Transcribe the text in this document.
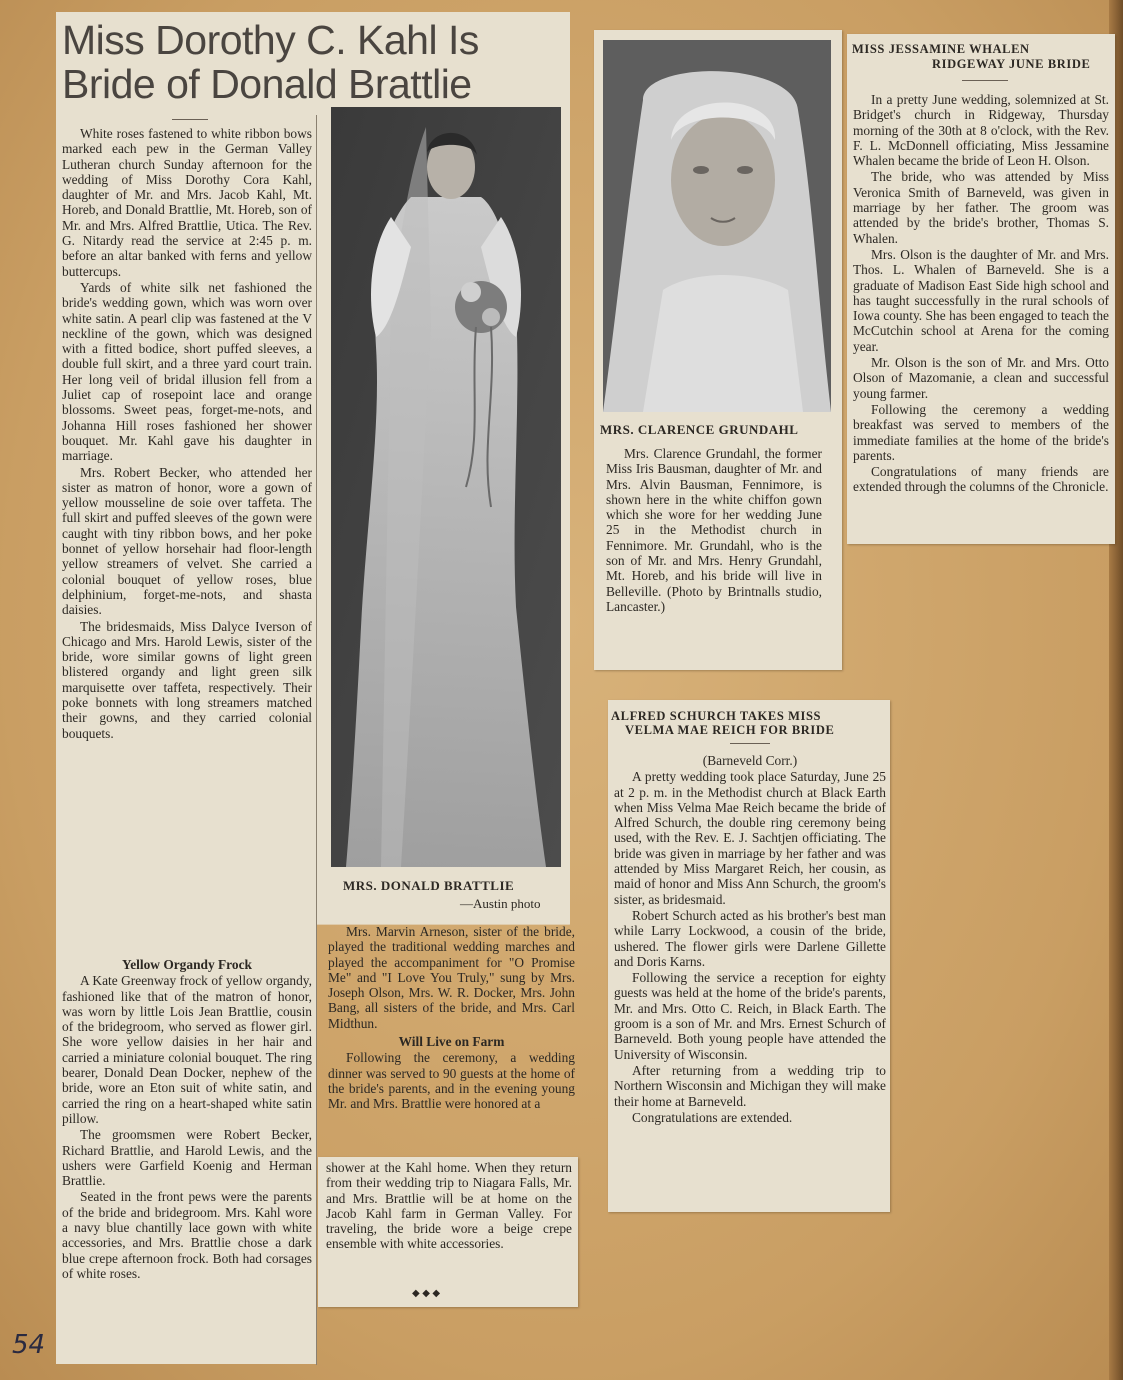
Miss Dorothy C. Kahl Is Bride of Donald Brattlie

White roses fastened to white ribbon bows marked each pew in the German Valley Lutheran church Sunday afternoon for the wedding of Miss Dorothy Cora Kahl, daughter of Mr. and Mrs. Jacob Kahl, Mt. Horeb, and Donald Brattlie, Mt. Horeb, son of Mr. and Mrs. Alfred Brattlie, Utica. The Rev. G. Nitardy read the service at 2:45 p. m. before an altar banked with ferns and yellow buttercups.

Yards of white silk net fashioned the bride's wedding gown, which was worn over white satin. A pearl clip was fastened at the V neckline of the gown, which was designed with a fitted bodice, short puffed sleeves, a double full skirt, and a three yard court train. Her long veil of bridal illusion fell from a Juliet cap of rosepoint lace and orange blossoms. Sweet peas, forget-me-nots, and Johanna Hill roses fashioned her shower bouquet. Mr. Kahl gave his daughter in marriage.

Mrs. Robert Becker, who attended her sister as matron of honor, wore a gown of yellow mousseline de soie over taffeta. The full skirt and puffed sleeves of the gown were caught with tiny ribbon bows, and her poke bonnet of yellow horsehair had floor-length yellow streamers of velvet. She carried a colonial bouquet of yellow roses, blue delphinium, forget-me-nots, and shasta daisies.

The bridesmaids, Miss Dalyce Iverson of Chicago and Mrs. Harold Lewis, sister of the bride, wore similar gowns of light green blistered organdy and light green silk marquisette over taffeta, respectively. Their poke bonnets with long streamers matched their gowns, and they carried colonial bouquets.

Yellow Organdy Frock

A Kate Greenway frock of yellow organdy, fashioned like that of the matron of honor, was worn by little Lois Jean Brattlie, cousin of the bridegroom, who served as flower girl. She wore yellow daisies in her hair and carried a miniature colonial bouquet. The ring bearer, Donald Dean Docker, nephew of the bride, wore an Eton suit of white satin, and carried the ring on a heart-shaped white satin pillow.

The groomsmen were Robert Becker, Richard Brattlie, and Harold Lewis, and the ushers were Garfield Koenig and Herman Brattlie.

Seated in the front pews were the parents of the bride and bridegroom. Mrs. Kahl wore a navy blue chantilly lace gown with white accessories, and Mrs. Brattlie chose a dark blue crepe afternoon frock. Both had corsages of white roses.

MRS. DONALD BRATTLIE
—Austin photo

Mrs. Marvin Arneson, sister of the bride, played the traditional wedding marches and played the accompaniment for "O Promise Me" and "I Love You Truly," sung by Mrs. Joseph Olson, Mrs. W. R. Docker, Mrs. John Bang, all sisters of the bride, and Mrs. Carl Midthun.

Will Live on Farm

Following the ceremony, a wedding dinner was served to 90 guests at the home of the bride's parents, and in the evening young Mr. and Mrs. Brattlie were honored at a

shower at the Kahl home. When they return from their wedding trip to Niagara Falls, Mr. and Mrs. Brattlie will be at home on the Jacob Kahl farm in German Valley. For traveling, the bride wore a beige crepe ensemble with white accessories.

◆ ◆ ◆
MRS. CLARENCE GRUNDAHL

Mrs. Clarence Grundahl, the former Miss Iris Bausman, daughter of Mr. and Mrs. Alvin Bausman, Fennimore, is shown here in the white chiffon gown which she wore for her wedding June 25 in the Methodist church in Fennimore. Mr. Grundahl, who is the son of Mr. and Mrs. Henry Grundahl, Mt. Horeb, and his bride will live in Belleville. (Photo by Brintnalls studio, Lancaster.)

MISS JESSAMINE WHALEN
RIDGEWAY JUNE BRIDE

In a pretty June wedding, solemnized at St. Bridget's church in Ridgeway, Thursday morning of the 30th at 8 o'clock, with the Rev. F. L. McDonnell officiating, Miss Jessamine Whalen became the bride of Leon H. Olson.

The bride, who was attended by Miss Veronica Smith of Barneveld, was given in marriage by her father. The groom was attended by the bride's brother, Thomas S. Whalen.

Mrs. Olson is the daughter of Mr. and Mrs. Thos. L. Whalen of Barneveld. She is a graduate of Madison East Side high school and has taught successfully in the rural schools of Iowa county. She has been engaged to teach the McCutchin school at Arena for the coming year.

Mr. Olson is the son of Mr. and Mrs. Otto Olson of Mazomanie, a clean and successful young farmer.

Following the ceremony a wedding breakfast was served to members of the immediate families at the home of the bride's parents.

Congratulations of many friends are extended through the columns of the Chronicle.

ALFRED SCHURCH TAKES MISS
VELMA MAE REICH FOR BRIDE

(Barneveld Corr.)

A pretty wedding took place Saturday, June 25 at 2 p. m. in the Methodist church at Black Earth when Miss Velma Mae Reich became the bride of Alfred Schurch, the double ring ceremony being used, with the Rev. E. J. Sachtjen officiating. The bride was given in marriage by her father and was attended by Miss Margaret Reich, her cousin, as maid of honor and Miss Ann Schurch, the groom's sister, as bridesmaid.

Robert Schurch acted as his brother's best man while Larry Lockwood, a cousin of the bride, ushered. The flower girls were Darlene Gillette and Doris Karns.

Following the service a reception for eighty guests was held at the home of the bride's parents, Mr. and Mrs. Otto C. Reich, in Black Earth. The groom is a son of Mr. and Mrs. Ernest Schurch of Barneveld. Both young people have attended the University of Wisconsin.

After returning from a wedding trip to Northern Wisconsin and Michigan they will make their home at Barneveld.

Congratulations are extended.

54
